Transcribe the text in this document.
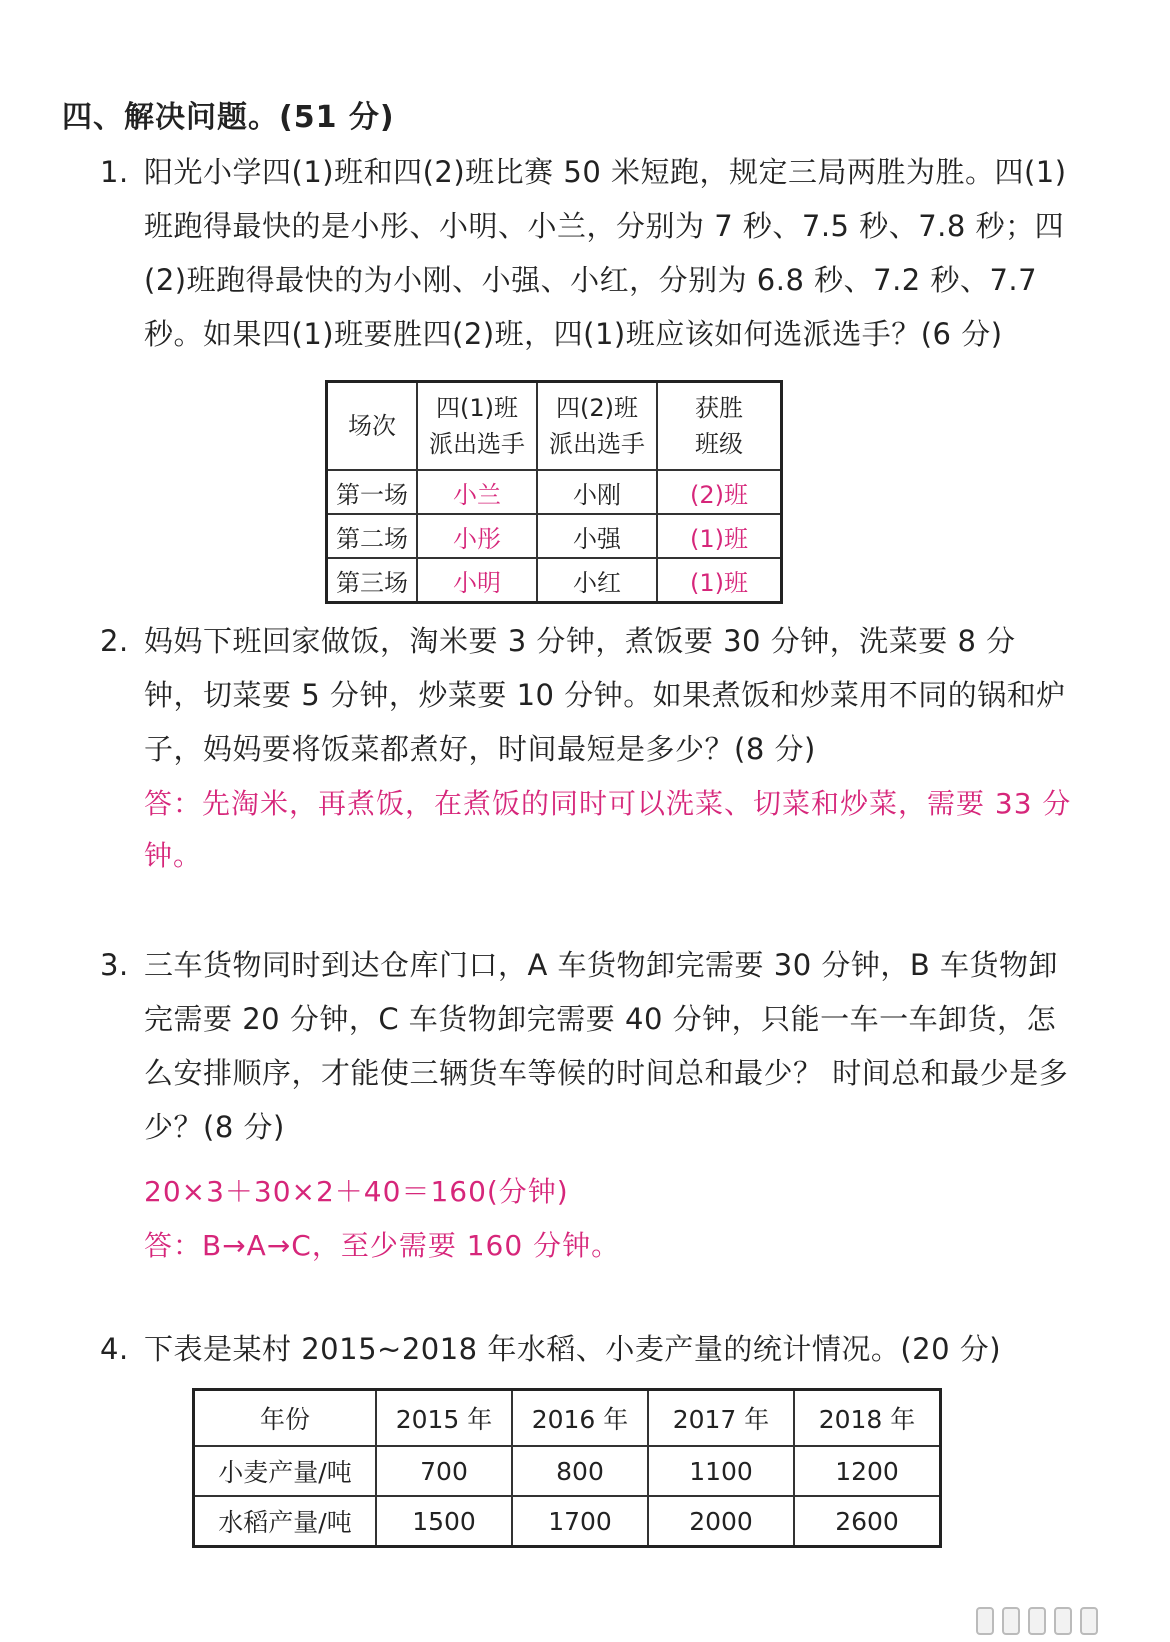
四、解决问题。(51 分)
1. 阳光小学四(1)班和四(2)班比赛 50 米短跑，规定三局两胜为胜。四(1)班跑得最快的是小彤、小明、小兰，分别为 7 秒、7.5 秒、7.8 秒；四(2)班跑得最快的为小刚、小强、小红，分别为 6.8 秒、7.2 秒、7.7 秒。如果四(1)班要胜四(2)班，四(1)班应该如何选派选手？(6 分)
场次	四(1)班 派出选手	四(2)班 派出选手	获胜 班级
第一场	小兰	小刚	(2)班
第二场	小彤	小强	(1)班
第三场	小明	小红	(1)班
2. 妈妈下班回家做饭，淘米要 3 分钟，煮饭要 30 分钟，洗菜要 8 分钟，切菜要 5 分钟，炒菜要 10 分钟。如果煮饭和炒菜用不同的锅和炉子，妈妈要将饭菜都煮好，时间最短是多少？(8 分)
答：先淘米，再煮饭，在煮饭的同时可以洗菜、切菜和炒菜，需要 33 分钟。
3. 三车货物同时到达仓库门口，A 车货物卸完需要 30 分钟，B 车货物卸完需要 20 分钟，C 车货物卸完需要 40 分钟，只能一车一车卸货，怎么安排顺序，才能使三辆货车等候的时间总和最少？ 时间总和最少是多少？(8 分)
20×3＋30×2＋40＝160(分钟)
答：B→A→C，至少需要 160 分钟。
4. 下表是某村 2015~2018 年水稻、小麦产量的统计情况。(20 分)
年份	2015 年	2016 年	2017 年	2018 年
小麦产量/吨	700	800	1100	1200
水稻产量/吨	1500	1700	2000	2600
